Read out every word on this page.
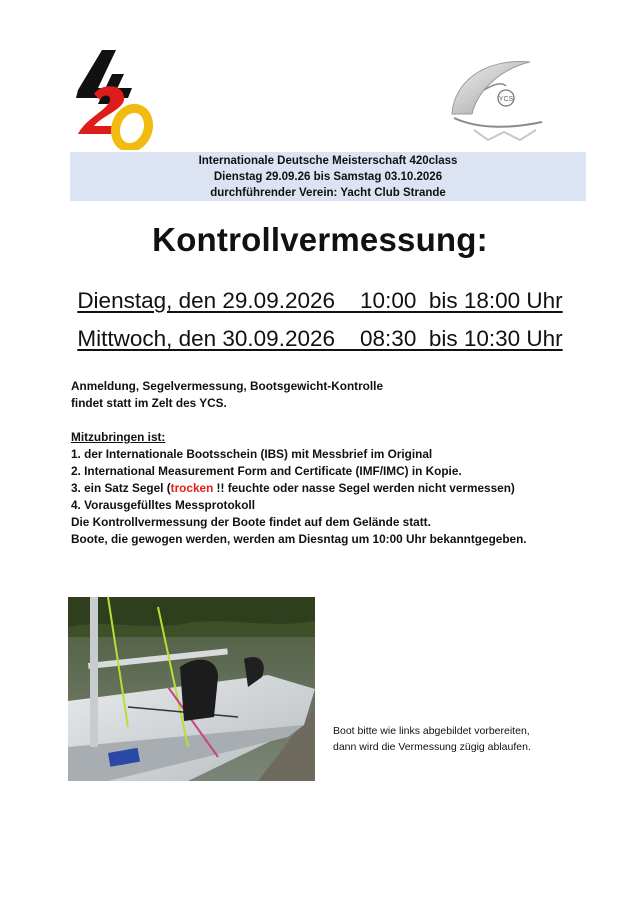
YCS
Internationale Deutsche Meisterschaft 420class
Dienstag 29.09.26 bis Samstag 03.10.2026
durchführender Verein: Yacht Club Strande
Kontrollvermessung:
Dienstag, den 29.09.2026 10:00  bis 18:00 Uhr
Mittwoch, den 30.09.2026 08:30  bis 10:30 Uhr
Anmeldung, Segelvermessung, Bootsgewicht-Kontrolle
findet statt im Zelt des YCS.
Mitzubringen ist:
1. der Internationale Bootsschein (IBS) mit Messbrief im Original
2. International Measurement Form and Certificate (IMF/IMC) in Kopie.
3. ein Satz Segel (trocken !! feuchte oder nasse Segel werden nicht vermessen)
4. Vorausgefülltes Messprotokoll
Die Kontrollvermessung der Boote findet auf dem Gelände statt.
Boote, die gewogen werden, werden am Diesntag um 10:00 Uhr bekanntgegeben.
Boot bitte wie links abgebildet vorbereiten,
dann wird die Vermessung zügig ablaufen.
